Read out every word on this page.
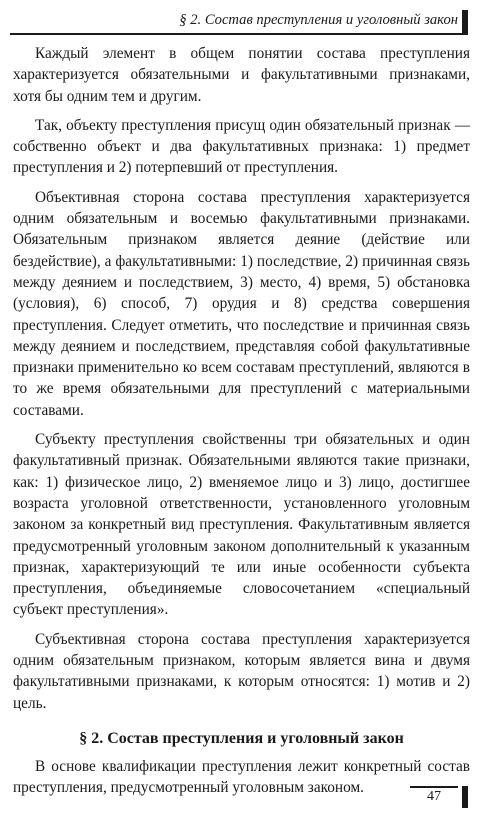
§ 2. Состав преступления и уголовный закон

Каждый элемент в общем понятии состава преступления характеризуется обязательными и факультативными признаками, хотя бы одним тем и другим.

Так, объекту преступления присущ один обязательный признак — собственно объект и два факультативных признака: 1) предмет преступления и 2) потерпевший от преступления.

Объективная сторона состава преступления характеризуется одним обязательным и восемью факультативными признаками. Обязательным признаком является деяние (действие или бездействие), а факультативными: 1) последствие, 2) причинная связь между деянием и последствием, 3) место, 4) время, 5) обстановка (условия), 6) способ, 7) орудия и 8) средства совершения преступления. Следует отметить, что последствие и причинная связь между деянием и последствием, представляя собой факультативные признаки применительно ко всем составам преступлений, являются в то же время обязательными для преступлений с материальными составами.

Субъекту преступления свойственны три обязательных и один факультативный признак. Обязательными являются такие признаки, как: 1) физическое лицо, 2) вменяемое лицо и 3) лицо, достигшее возраста уголовной ответственности, установленного уголовным законом за конкретный вид преступления. Факультативным является предусмотренный уголовным законом дополнительный к указанным признак, характеризующий те или иные особенности субъекта преступления, объединяемые словосочетанием «специальный субъект преступления».

Субъективная сторона состава преступления характеризуется одним обязательным признаком, которым является вина и двумя факультативными признаками, к которым относятся: 1) мотив и 2) цель.

§ 2. Состав преступления и уголовный закон

В основе квалификации преступления лежит конкретный состав преступления, предусмотренный уголовным законом.

47
